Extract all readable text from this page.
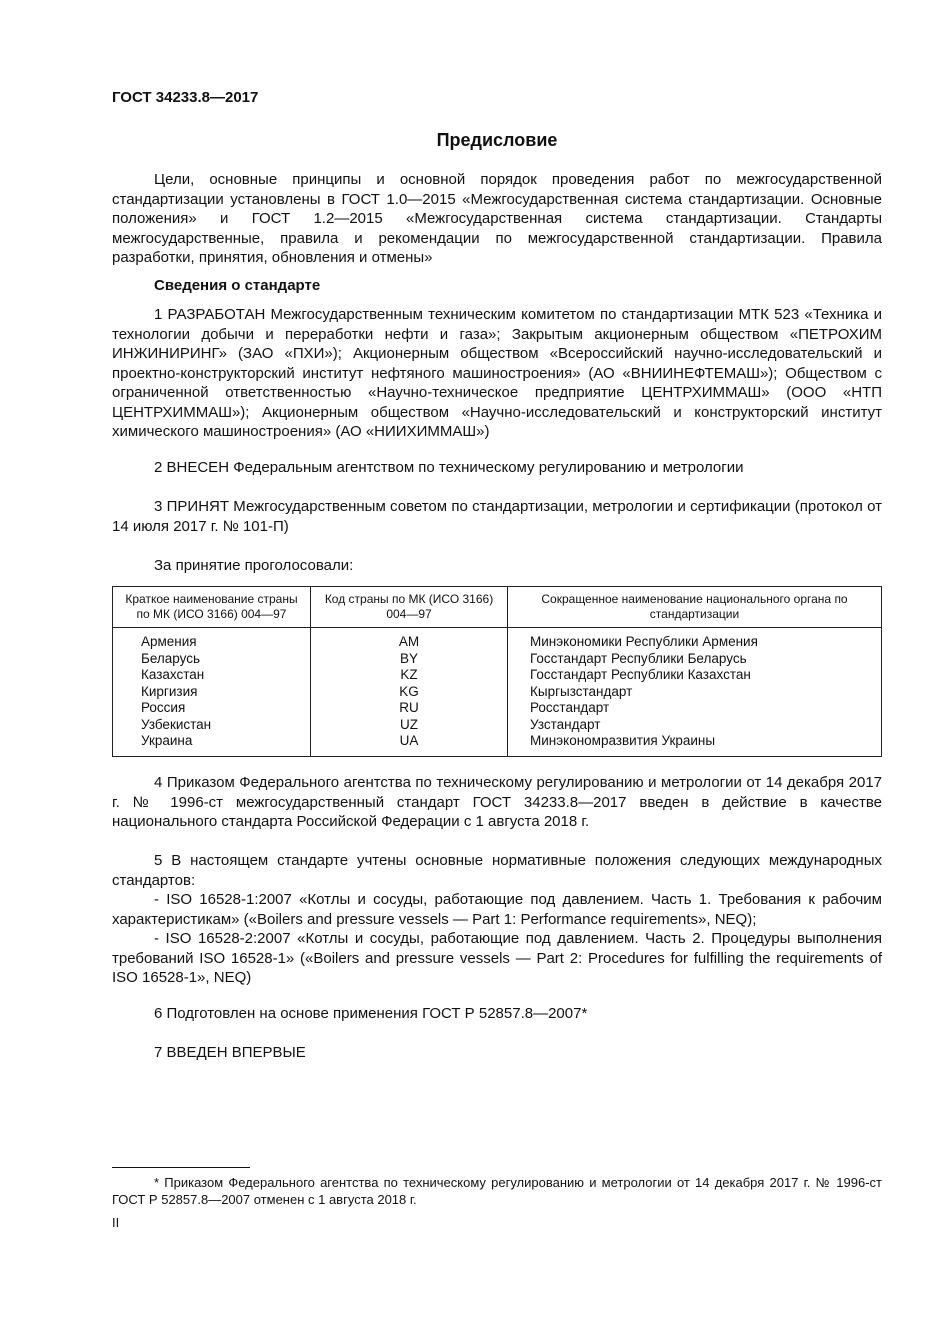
ГОСТ 34233.8—2017
Предисловие

Цели, основные принципы и основной порядок проведения работ по межгосударственной стандартизации установлены в ГОСТ 1.0—2015 «Межгосударственная система стандартизации. Основные положения» и ГОСТ 1.2—2015 «Межгосударственная система стандартизации. Стандарты межгосударственные, правила и рекомендации по межгосударственной стандартизации. Правила разработки, принятия, обновления и отмены»

Сведения о стандарте

1 РАЗРАБОТАН Межгосударственным техническим комитетом по стандартизации МТК 523 «Техника и технологии добычи и переработки нефти и газа»; Закрытым акционерным обществом «ПЕТРОХИМ ИНЖИНИРИНГ» (ЗАО «ПХИ»); Акционерным обществом «Всероссийский научно-исследовательский и проектно-конструкторский институт нефтяного машиностроения» (АО «ВНИИНЕФТЕМАШ»); Обществом с ограниченной ответственностью «Научно-техническое предприятие ЦЕНТРХИММАШ» (ООО «НТП ЦЕНТРХИММАШ»); Акционерным обществом «Научно-исследовательский и конструкторский институт химического машиностроения» (АО «НИИХИММАШ»)

2 ВНЕСЕН Федеральным агентством по техническому регулированию и метрологии

3 ПРИНЯТ Межгосударственным советом по стандартизации, метрологии и сертификации (протокол от 14 июля 2017 г. № 101-П)

За принятие проголосовали:
Краткое наименование страны по МК (ИСО 3166) 004—97	Код страны по МК (ИСО 3166) 004—97	Сокращенное наименование национального органа по стандартизации
Армения	AM	Минэкономики Республики Армения
Беларусь	BY	Госстандарт Республики Беларусь
Казахстан	KZ	Госстандарт Республики Казахстан
Киргизия	KG	Кыргызстандарт
Россия	RU	Росстандарт
Узбекистан	UZ	Узстандарт
Украина	UA	Минэкономразвития Украины

4 Приказом Федерального агентства по техническому регулированию и метрологии от 14 декабря 2017 г. № 1996-ст межгосударственный стандарт ГОСТ 34233.8—2017 введен в действие в качестве национального стандарта Российской Федерации с 1 августа 2018 г.

5 В настоящем стандарте учтены основные нормативные положения следующих международных стандартов:

- ISO 16528-1:2007 «Котлы и сосуды, работающие под давлением. Часть 1. Требования к рабочим характеристикам» («Boilers and pressure vessels — Part 1: Performance requirements», NEQ);

- ISO 16528-2:2007 «Котлы и сосуды, работающие под давлением. Часть 2. Процедуры выполнения требований ISO 16528-1» («Boilers and pressure vessels — Part 2: Procedures for fulfilling the requirements of ISO 16528-1», NEQ)

6 Подготовлен на основе применения ГОСТ Р 52857.8—2007*

7 ВВЕДЕН ВПЕРВЫЕ

* Приказом Федерального агентства по техническому регулированию и метрологии от 14 декабря 2017 г. № 1996-ст ГОСТ Р 52857.8—2007 отменен с 1 августа 2018 г.
II
